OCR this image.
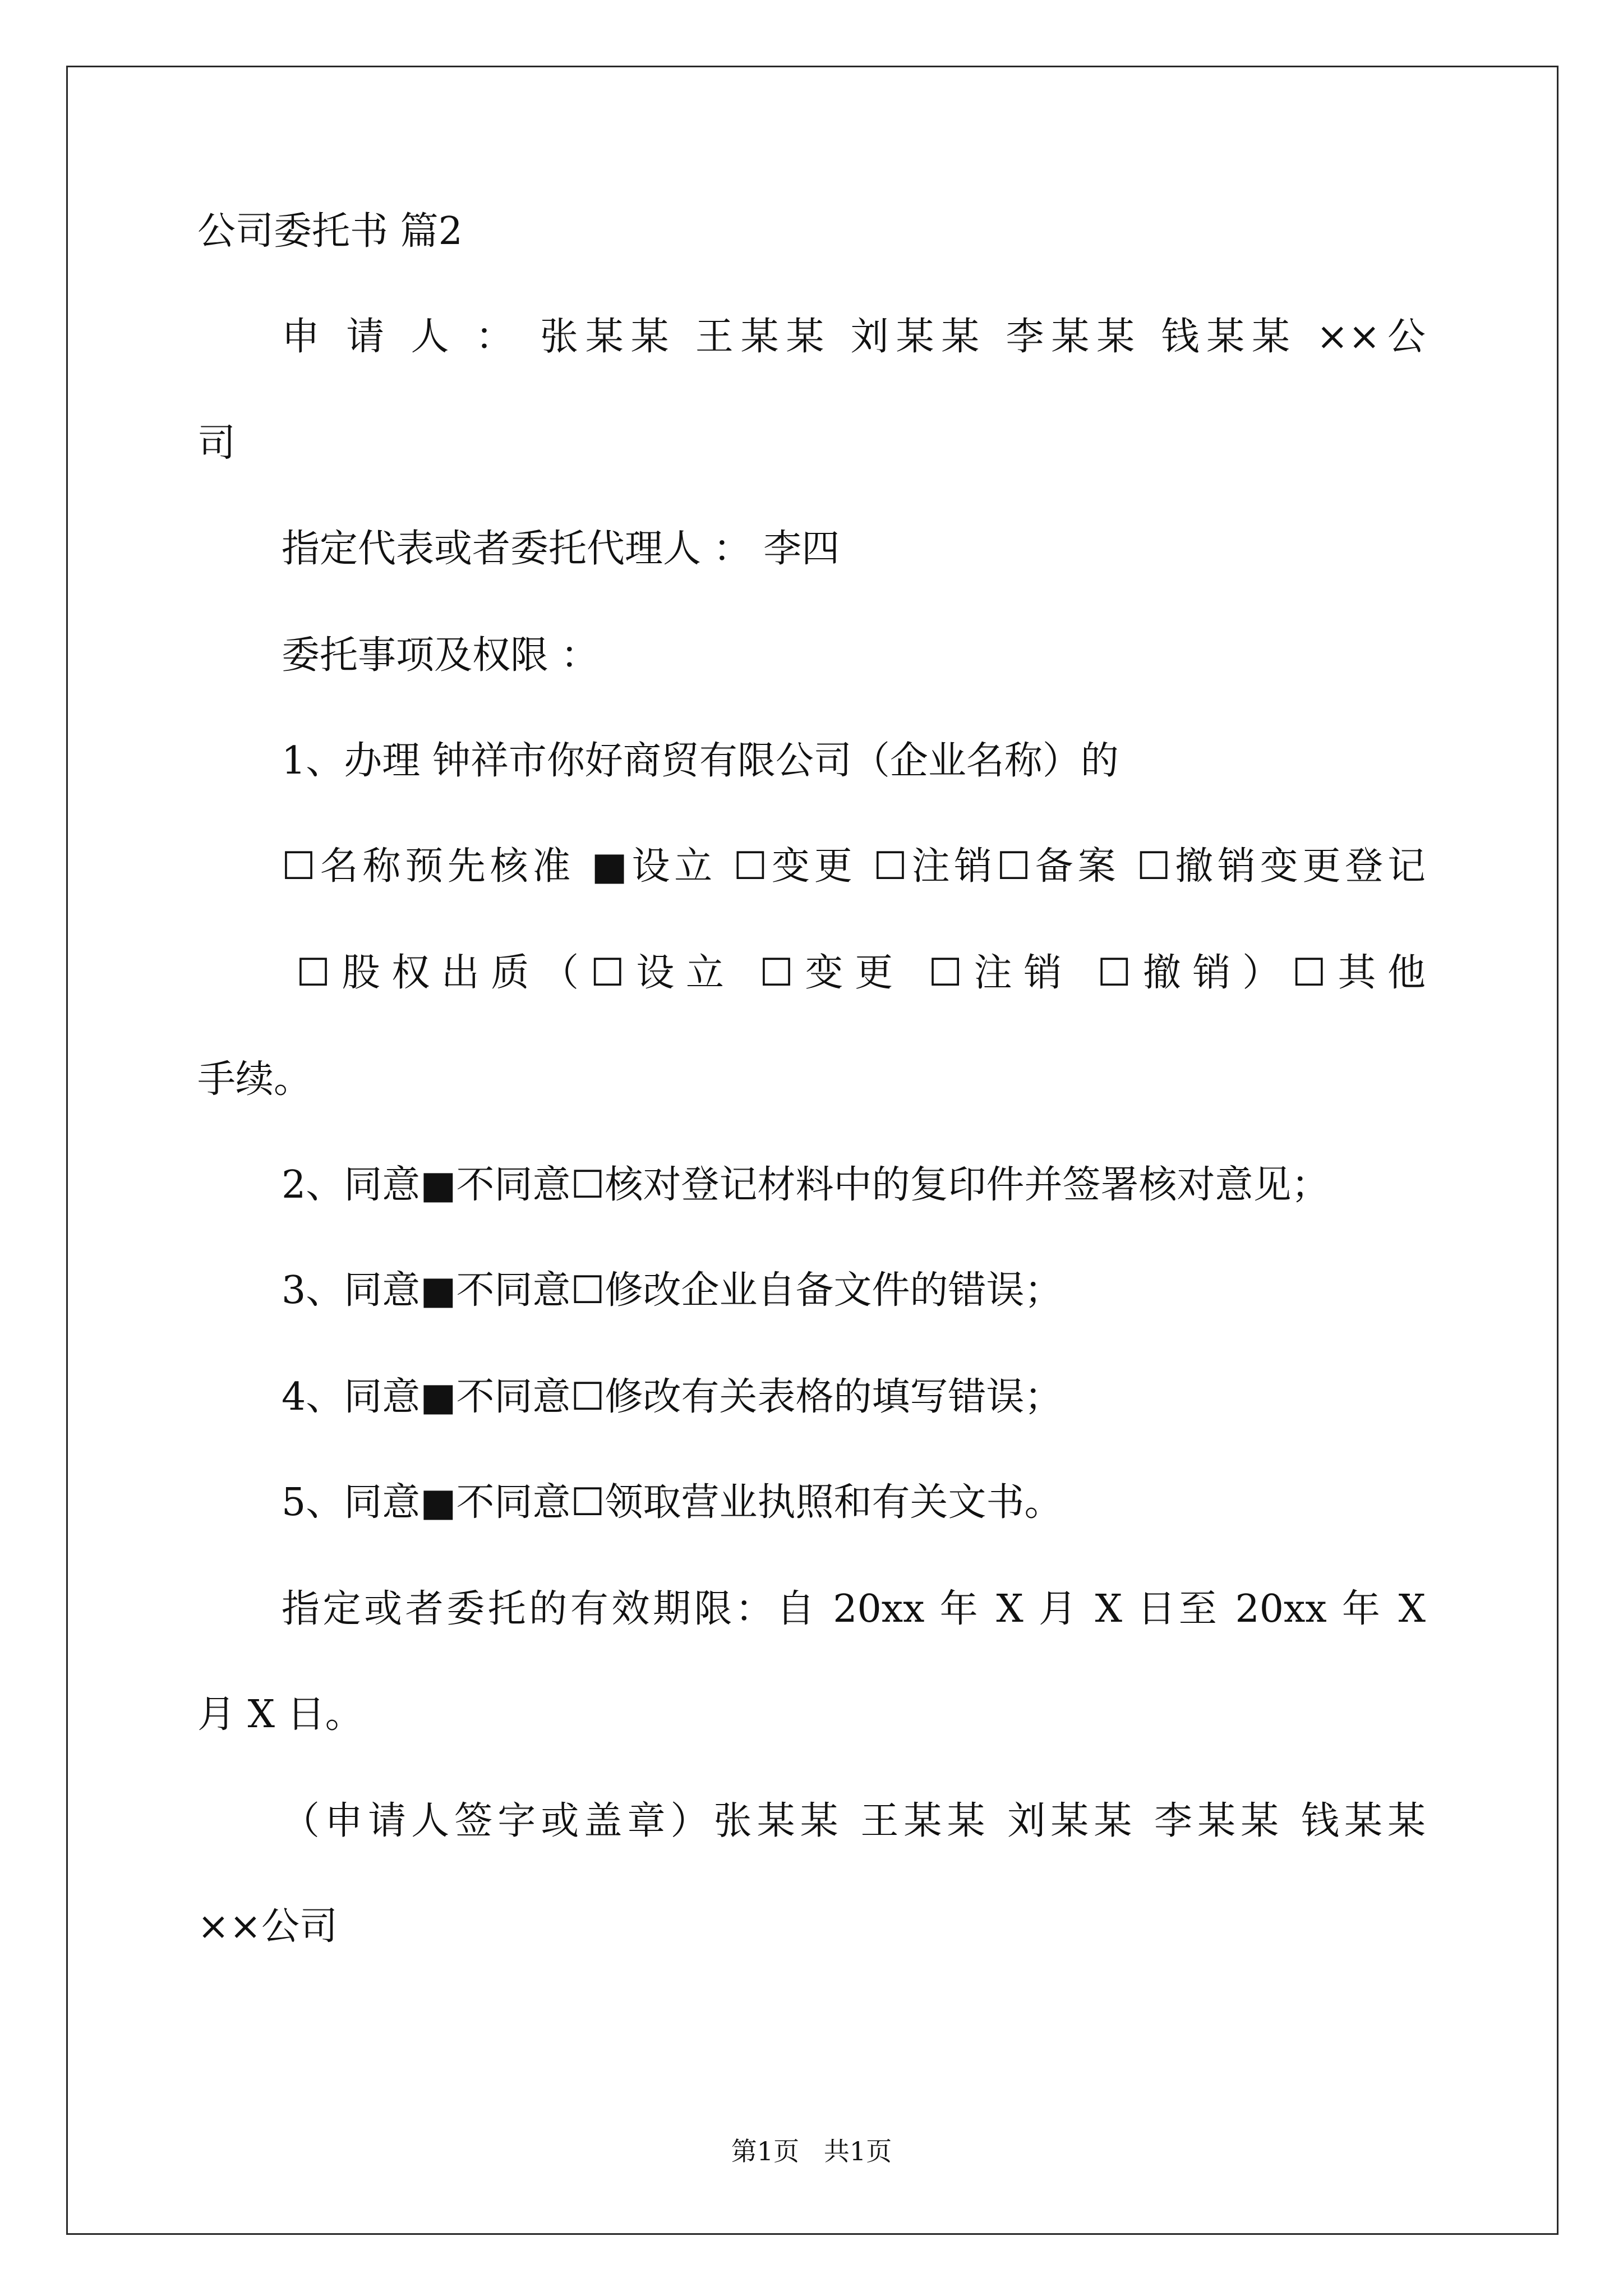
公司委托书 篇2
申 请 人 ： 张某某 王某某 刘某某 李某某 钱某某 ××公
司
指定代表或者委托代理人 ： 李四
委托事项及权限 ：
1、办理 钟祥市你好商贸有限公司（企业名称）的
☐名称预先核准 ■设立 ☐变更 ☐注销☐备案 ☐撤销变更登记
☐股权出质（☐设立 ☐变更 ☐注销 ☐撤销）☐其他
手续。
2、同意■不同意☐核对登记材料中的复印件并签署核对意见；
3、同意■不同意☐修改企业自备文件的错误；
4、同意■不同意☐修改有关表格的填写错误；
5、同意■不同意☐领取营业执照和有关文书。
指定或者委托的有效期限：自 20xx 年 X 月 X 日至 20xx 年 X
月 X 日。
（申请人签字或盖章）张某某 王某某 刘某某 李某某 钱某某
××公司
第1页   共1页
